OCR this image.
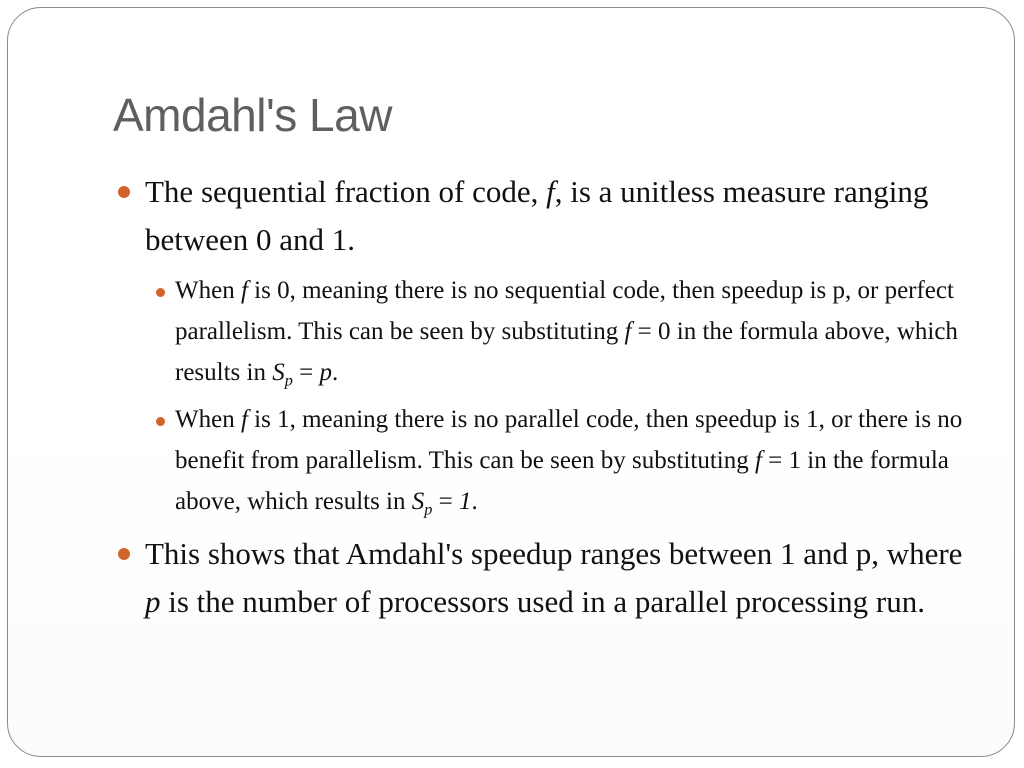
Amdahl's Law
The sequential fraction of code, f, is a unitless measure ranging between 0 and 1.
When f is 0, meaning there is no sequential code, then speedup is p, or perfect parallelism. This can be seen by substituting f = 0 in the formula above, which results in $S_p = p$.
When f is 1, meaning there is no parallel code, then speedup is 1, or there is no benefit from parallelism. This can be seen by substituting f = 1 in the formula above, which results in $S_p = 1$.
This shows that Amdahl's speedup ranges between 1 and p, where p is the number of processors used in a parallel processing run.
